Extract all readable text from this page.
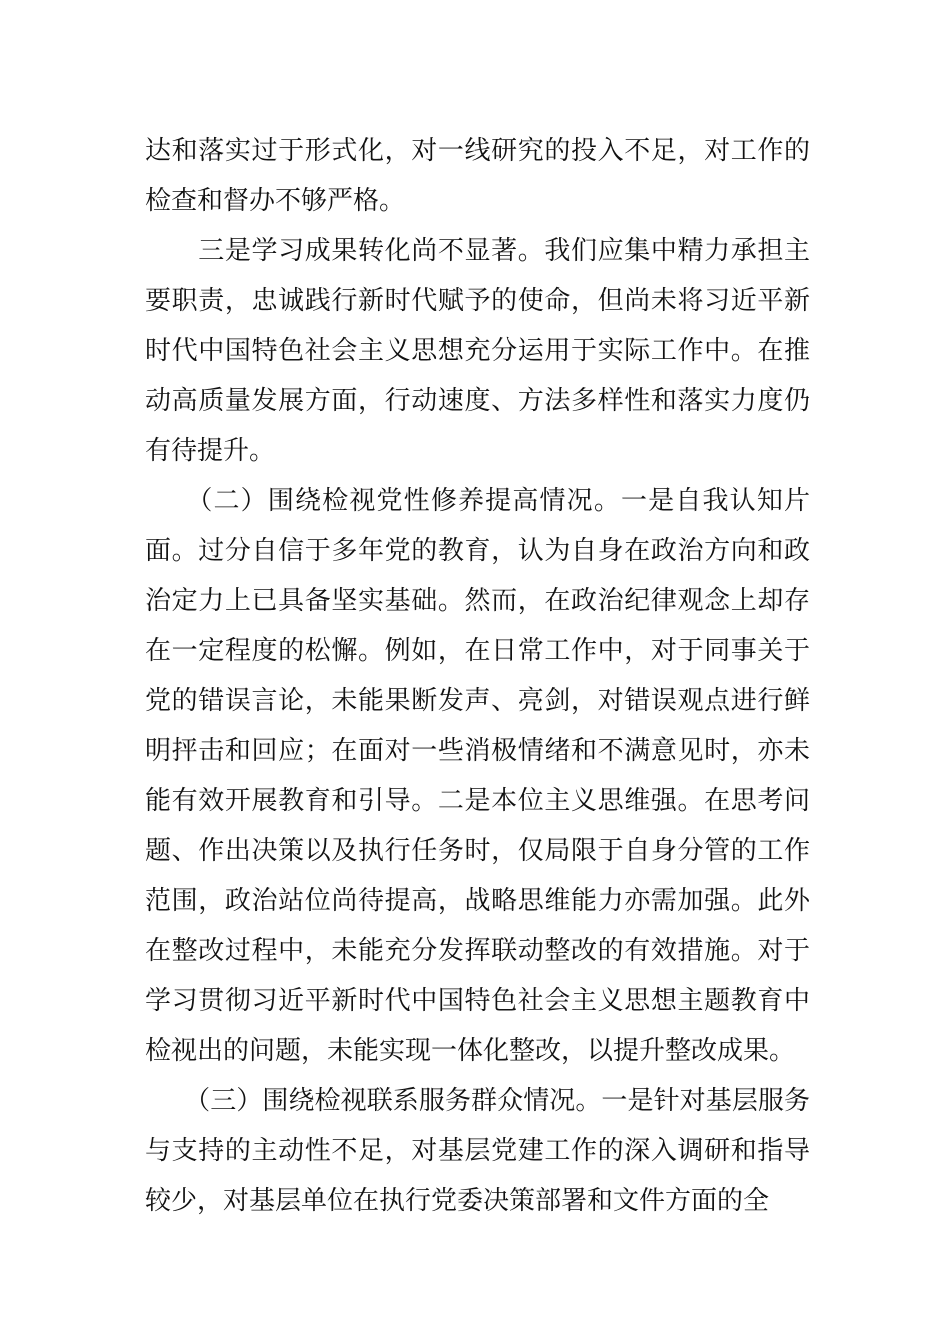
达和落实过于形式化，对一线研究的投入不足，对工作的检查和督办不够严格。

　　三是学习成果转化尚不显著。我们应集中精力承担主要职责，忠诚践行新时代赋予的使命，但尚未将习近平新时代中国特色社会主义思想充分运用于实际工作中。在推动高质量发展方面，行动速度、方法多样性和落实力度仍有待提升。

　　（二）围绕检视党性修养提高情况。一是自我认知片面。过分自信于多年党的教育，认为自身在政治方向和政治定力上已具备坚实基础。然而，在政治纪律观念上却存在一定程度的松懈。例如，在日常工作中，对于同事关于党的错误言论，未能果断发声、亮剑，对错误观点进行鲜明抨击和回应；在面对一些消极情绪和不满意见时，亦未能有效开展教育和引导。二是本位主义思维强。在思考问题、作出决策以及执行任务时，仅局限于自身分管的工作范围，政治站位尚待提高，战略思维能力亦需加强。此外在整改过程中，未能充分发挥联动整改的有效措施。对于学习贯彻习近平新时代中国特色社会主义思想主题教育中检视出的问题，未能实现一体化整改，以提升整改成果。

　　（三）围绕检视联系服务群众情况。一是针对基层服务与支持的主动性不足，对基层党建工作的深入调研和指导较少，对基层单位在执行党委决策部署和文件方面的全
